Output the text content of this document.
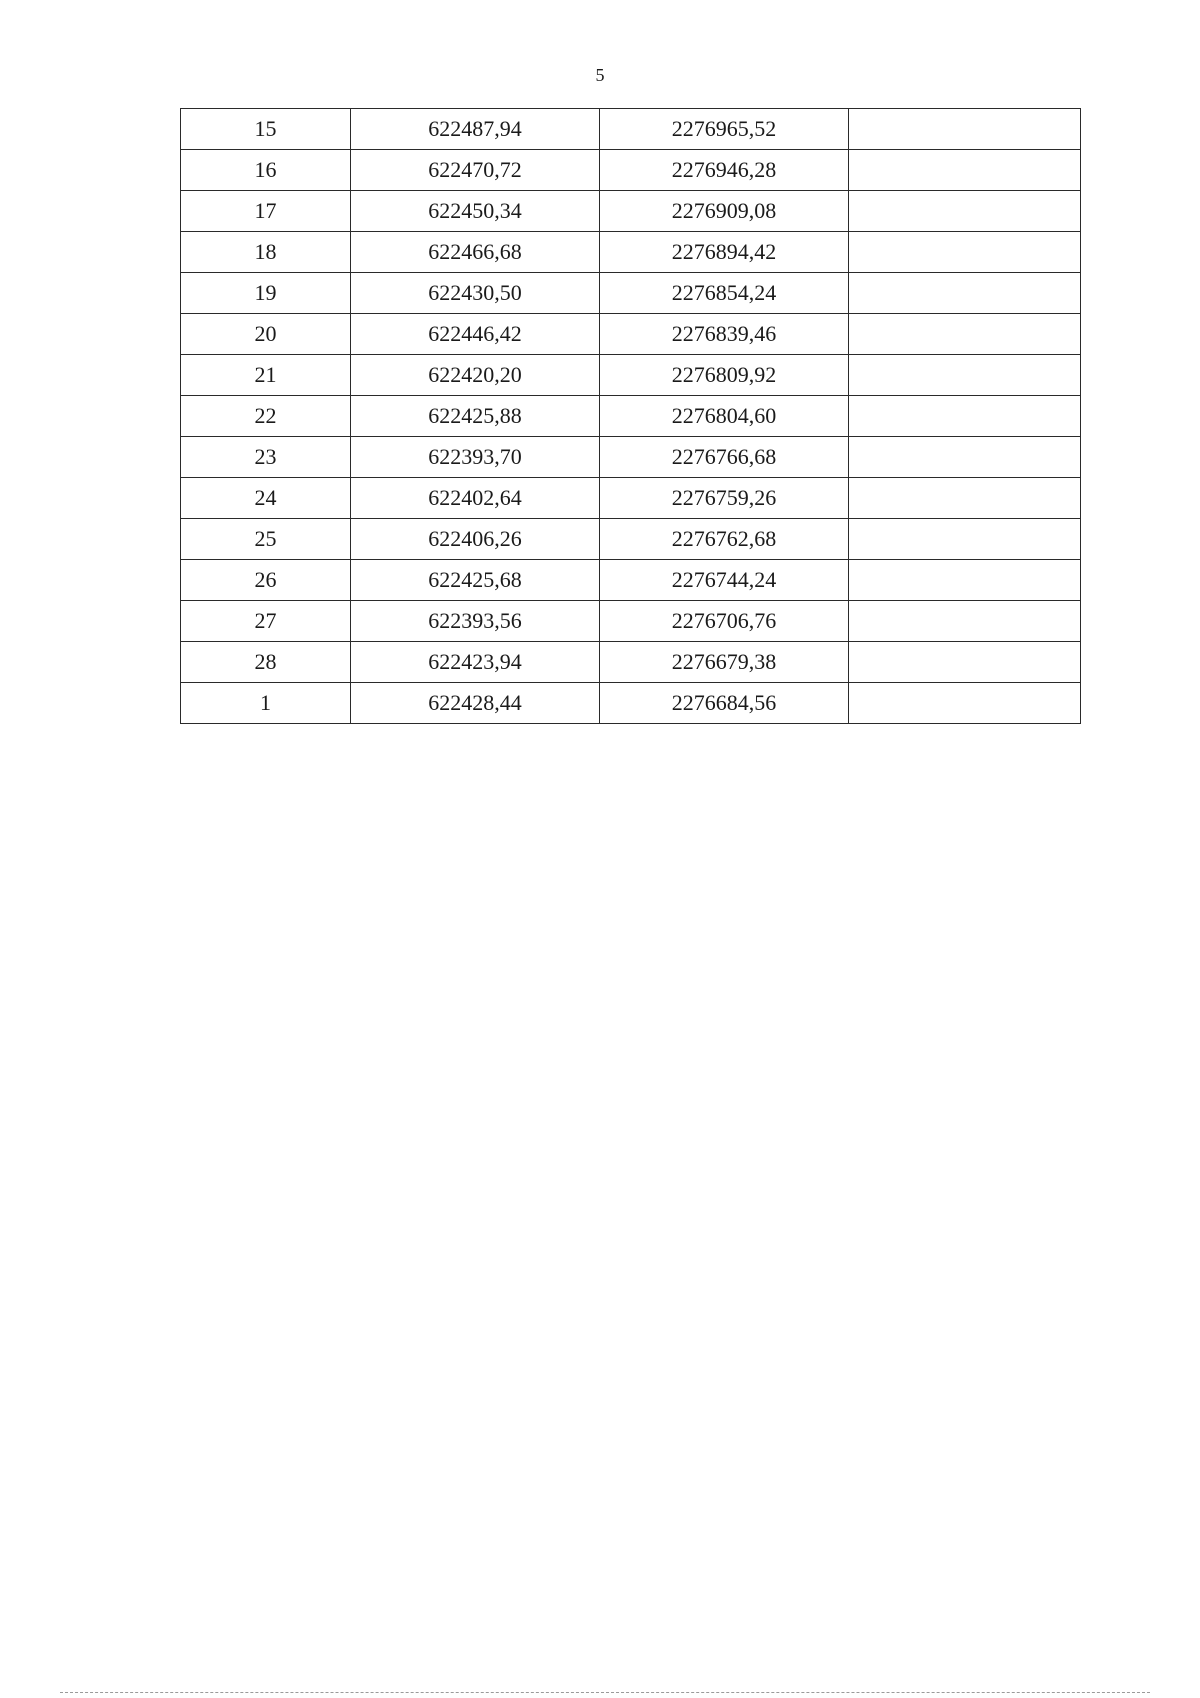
5
15	622487,94	2276965,52	
16	622470,72	2276946,28	
17	622450,34	2276909,08	
18	622466,68	2276894,42	
19	622430,50	2276854,24	
20	622446,42	2276839,46	
21	622420,20	2276809,92	
22	622425,88	2276804,60	
23	622393,70	2276766,68	
24	622402,64	2276759,26	
25	622406,26	2276762,68	
26	622425,68	2276744,24	
27	622393,56	2276706,76	
28	622423,94	2276679,38	
1	622428,44	2276684,56	
